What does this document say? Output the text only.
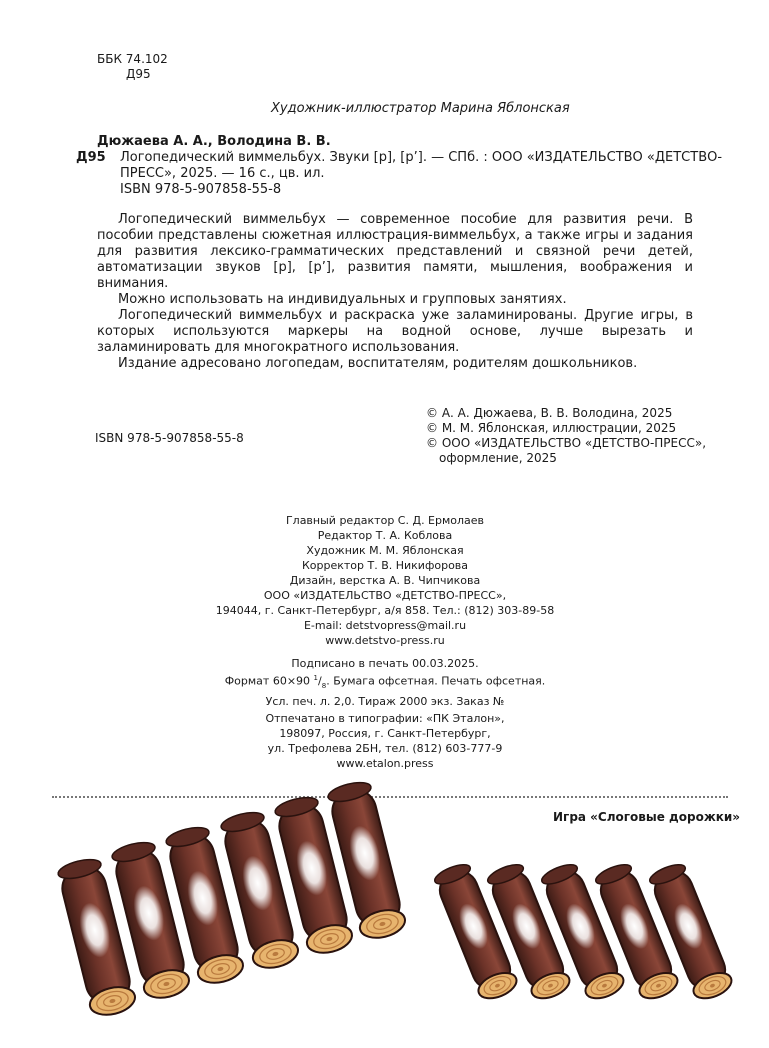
ББК 74.102
Д95
Художник-иллюстратор Марина Яблонская
Дюжаева А. А., Володина В. В.
Д95 Логопедический виммельбух. Звуки [р], [р’]. — СПб. : ООО «ИЗДАТЕЛЬСТВО «ДЕТСТВО-
ПРЕСС», 2025. — 16 с., цв. ил.
ISBN 978-5-907858-55-8

Логопедический виммельбух — современное пособие для развития речи. В пособии представлены сюжетная иллюстрация-виммельбух, а также игры и задания для развития лексико-грамматических представлений и связной речи детей, автоматизации звуков [р], [р’], развития памяти, мышления, воображения и внимания.

Можно использовать на индивидуальных и групповых занятиях.

Логопедический виммельбух и раскраска уже заламинированы. Другие игры, в которых используются маркеры на водной основе, лучше вырезать и заламинировать для многократного использования.

Издание адресовано логопедам, воспитателям, родителям дошкольников.

ISBN 978-5-907858-55-8
© А. А. Дюжаева, В. В. Володина, 2025
© М. М. Яблонская, иллюстрации, 2025
© ООО «ИЗДАТЕЛЬСТВО «ДЕТСТВО-ПРЕСС»,
оформление, 2025
Главный редактор С. Д. Ермолаев
Редактор Т. А. Коблова
Художник М. М. Яблонская
Корректор Т. В. Никифорова
Дизайн, верстка А. В. Чипчикова
ООО «ИЗДАТЕЛЬСТВО «ДЕТСТВО-ПРЕСС»,
194044, г. Санкт-Петербург, а/я 858. Тел.: (812) 303-89-58
E-mail: detstvopress@mail.ru
www.detstvo-press.ru
Подписано в печать 00.03.2025.
Формат 60×90 $^1/_8$. Бумага офсетная. Печать офсетная.
Усл. печ. л. 2,0. Тираж 2000 экз. Заказ №
Отпечатано в типографии: «ПК Эталон»,
198097, Россия, г. Санкт-Петербург,
ул. Трефолева 2БН, тел. (812) 603-777-9
www.etalon.press
Игра «Слоговые дорожки»
